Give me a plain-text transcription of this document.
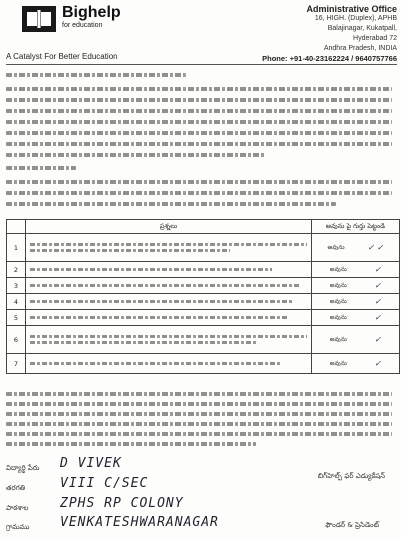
Bighelp
for education
A Catalyst For Better Education
Administrative Office
16, HIGH. (Duplex), APHB
Balajinagar, Kukatpall,
Hyderabad 72
Andhra Pradesh, INDIA
Phone: +91-40-23162224 / 9640757766
	ప్రశ్నలు	అవును పై గుర్తు పెట్టండి
1		అవును ✓ ✓

2		అవును ✓

3		అవును ✓

4		అవును ✓

5		అవును ✓

6		అవును ✓

7		అవును ✓
విద్యార్థి పేరు D VIVEK
తరగతి	VIII C/SEC
పాఠశాల ZPHS RP COLONY
గ్రామము VENKATESHWARANAGAR
బిగ్‌హెల్ప్ ఫర్ ఎడ్యుకేషన్
ఫౌండర్ & ప్రెసిడెంట్
